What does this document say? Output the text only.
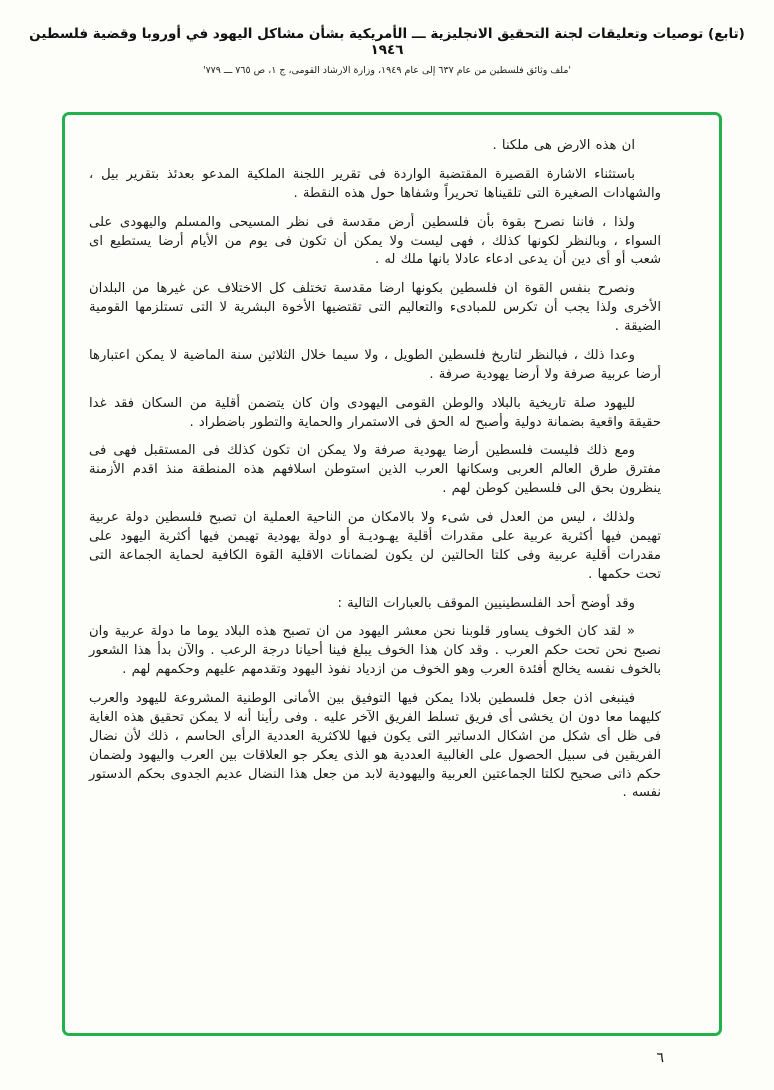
(تابع) توصيات وتعليقات لجنة التحقيق الانجليزية ـــ الأمريكية بشأن مشاكل اليهود في أوروبا وقضية فلسطين ١٩٤٦
'ملف وثائق فلسطين من عام ٦٣٧ إلى عام ١٩٤٩، وزارة الارشاد القومى، ج ١، ص ٧٦٥ ـــ ٧٧٩'

ان هذه الارض هى ملكنا .

باستثناء الاشارة القصيرة المقتضبة الواردة فى تقرير اللجنة الملكية المدعو بعدئذ بتقرير بيل ، والشهادات الصغيرة التى تلقيناها تحريراً وشفاها حول هذه النقطة .

ولذا ، فاننا نصرح بقوة بأن فلسطين أرض مقدسة فى نظر المسيحى والمسلم واليهودى على السواء ، وبالنظر لكونها كذلك ، فهى ليست ولا يمكن أن تكون فى يوم من الأيام أرضا يستطيع اى شعب أو أى دين أن يدعى ادعاء عادلا بانها ملك له .

ونصرح بنفس القوة ان فلسطين بكونها ارضا مقدسة تختلف كل الاختلاف عن غيرها من البلدان الأخرى ولذا يجب أن تكرس للمبادىء والتعاليم التى تقتضيها الأخوة البشرية لا التى تستلزمها القومية الضيقة .

وعدا ذلك ، فبالنظر لتاريخ فلسطين الطويل ، ولا سيما خلال الثلاثين سنة الماضية لا يمكن اعتبارها أرضا عربية صرفة ولا أرضا يهودية صرفة .

لليهود صلة تاريخية بالبلاد والوطن القومى اليهودى وان كان يتضمن أقلية من السكان فقد غدا حقيقة واقعية بضمانة دولية وأصبح له الحق فى الاستمرار والحماية والتطور باضطراد .

ومع ذلك فليست فلسطين أرضا يهودية صرفة ولا يمكن ان تكون كذلك فى المستقبل فهى فى مفترق طرق العالم العربى وسكانها العرب الذين استوطن اسلافهم هذه المنطقة منذ اقدم الأزمنة ينظرون بحق الى فلسطين كوطن لهم .

ولذلك ، ليس من العدل فى شىء ولا بالامكان من الناحية العملية ان تصبح فلسطين دولة عربية تهيمن فيها أكثرية عربية على مقدرات أقلية يهـوديـة أو دولة يهودية تهيمن فيها أكثرية اليهود على مقدرات أقلية عربية وفى كلتا الحالتين لن يكون لضمانات الاقلية القوة الكافية لحماية الجماعة التى تحت حكمها .

وقد أوضح أحد الفلسطينيين الموقف بالعبارات التالية :

« لقد كان الخوف يساور قلوبنا نحن معشر اليهود من ان تصبح هذه البلاد يوما ما دولة عربية وان نصبح نحن تحت حكم العرب . وقد كان هذا الخوف يبلغ فينا أحيانا درجة الرعب . والآن بدأ هذا الشعور بالخوف نفسه يخالج أفئدة العرب وهو الخوف من ازدياد نفوذ اليهود وتقدمهم عليهم وحكمهم لهم .

فينبغى اذن جعل فلسطين بلادا يمكن فيها التوفيق بين الأمانى الوطنية المشروعة لليهود والعرب كليهما معا دون ان يخشى أى فريق تسلط الفريق الآخر عليه . وفى رأينا أنه لا يمكن تحقيق هذه الغاية فى ظل أى شكل من اشكال الدساتير التى يكون فيها للاكثرية العددية الرأى الحاسم ، ذلك لأن نضال الفريقين فى سبيل الحصول على الغالبية العددية هو الذى يعكر جو العلاقات بين العرب واليهود ولضمان حكم ذاتى صحيح لكلتا الجماعتين العربية واليهودية لابد من جعل هذا النضال عديم الجدوى بحكم الدستور نفسه .

٦
